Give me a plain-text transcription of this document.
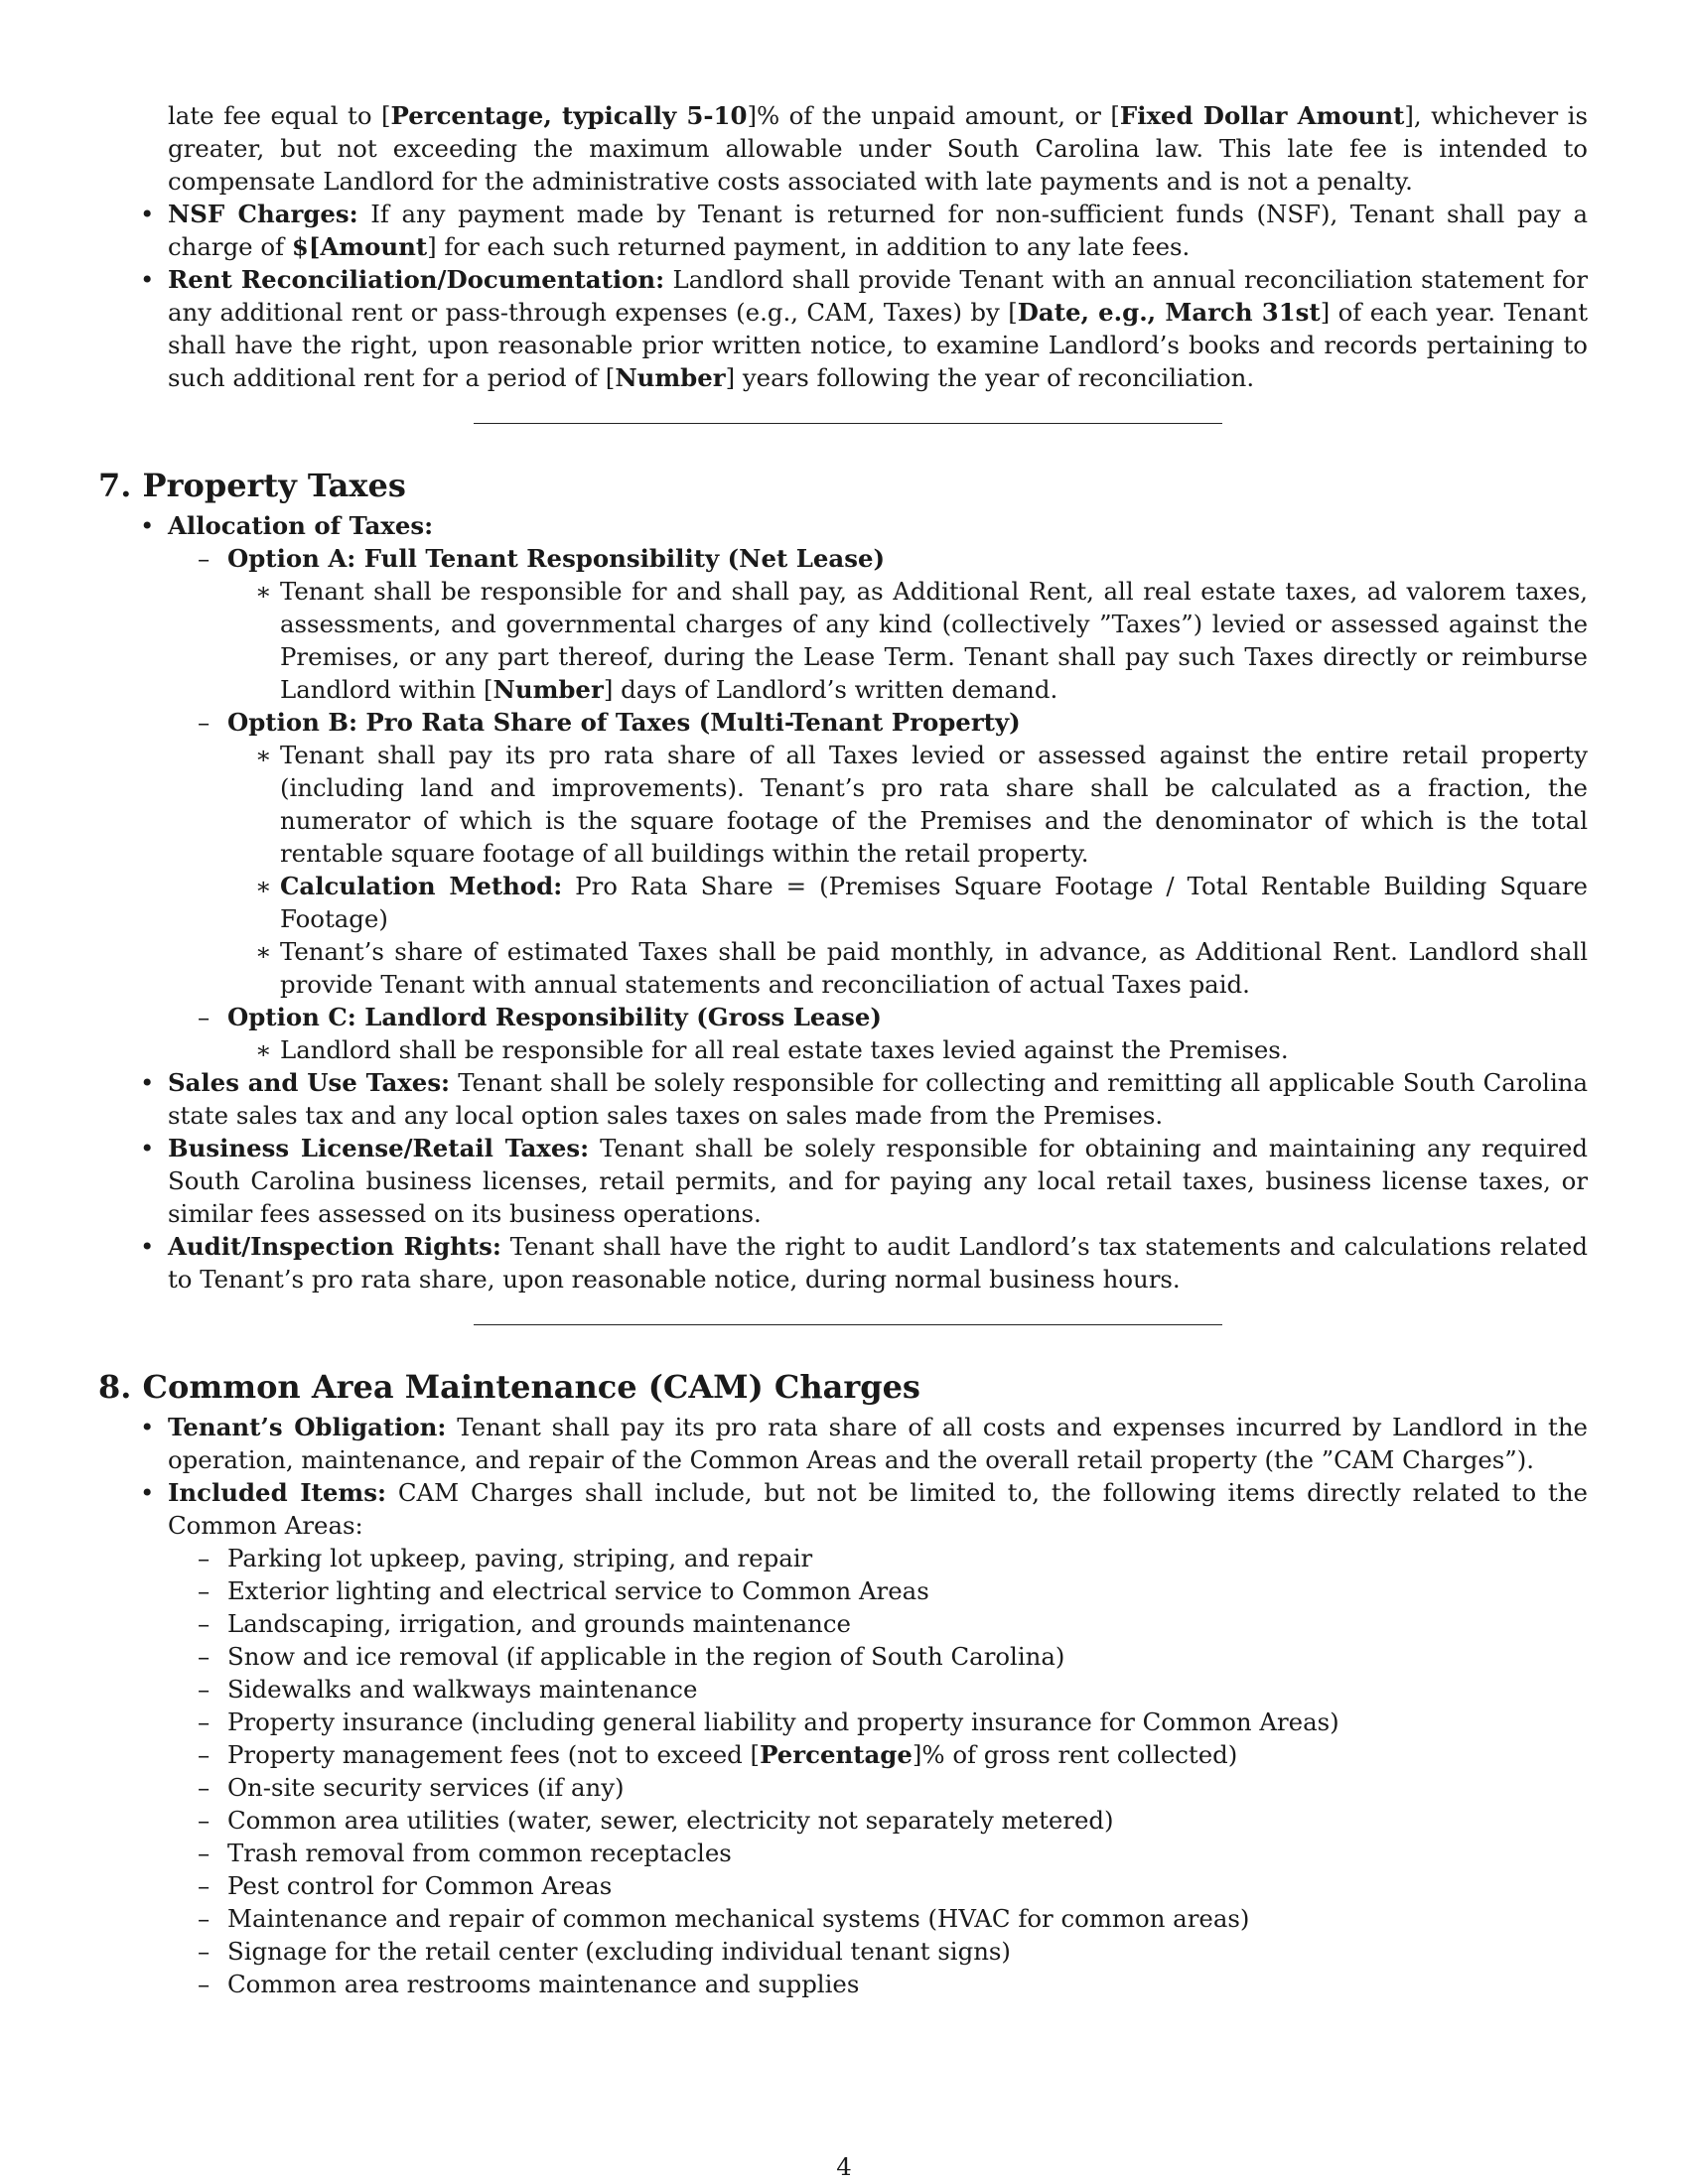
late fee equal to [Percentage, typically 5-10]% of the unpaid amount, or [Fixed Dollar Amount], whichever is greater, but not exceeding the maximum allowable under South Carolina law. This late fee is intended to compensate Landlord for the administrative costs associated with late payments and is not a penalty.

• NSF Charges: If any payment made by Tenant is returned for non-sufficient funds (NSF), Tenant shall pay a charge of $[Amount] for each such returned payment, in addition to any late fees.
• Rent Reconciliation/Documentation: Landlord shall provide Tenant with an annual reconciliation statement for any additional rent or pass-through expenses (e.g., CAM, Taxes) by [Date, e.g., March 31st] of each year. Tenant shall have the right, upon reasonable prior written notice, to examine Landlord’s books and records pertaining to such additional rent for a period of [Number] years following the year of reconciliation.
7. Property Taxes
• Allocation of Taxes:
– Option A: Full Tenant Responsibility (Net Lease)
∗ Tenant shall be responsible for and shall pay, as Additional Rent, all real estate taxes, ad valorem taxes, assessments, and governmental charges of any kind (collectively ”Taxes”) levied or assessed against the Premises, or any part thereof, during the Lease Term. Tenant shall pay such Taxes directly or reimburse Landlord within [Number] days of Landlord’s written demand.
– Option B: Pro Rata Share of Taxes (Multi-Tenant Property)
∗ Tenant shall pay its pro rata share of all Taxes levied or assessed against the entire retail property (including land and improvements). Tenant’s pro rata share shall be calculated as a fraction, the numerator of which is the square footage of the Premises and the denominator of which is the total rentable square footage of all buildings within the retail property.
∗ Calculation Method: Pro Rata Share = (Premises Square Footage / Total Rentable Building Square Footage)
∗ Tenant’s share of estimated Taxes shall be paid monthly, in advance, as Additional Rent. Landlord shall provide Tenant with annual statements and reconciliation of actual Taxes paid.
– Option C: Landlord Responsibility (Gross Lease)
∗ Landlord shall be responsible for all real estate taxes levied against the Premises.
• Sales and Use Taxes: Tenant shall be solely responsible for collecting and remitting all applicable South Carolina state sales tax and any local option sales taxes on sales made from the Premises.
• Business License/Retail Taxes: Tenant shall be solely responsible for obtaining and maintaining any required South Carolina business licenses, retail permits, and for paying any local retail taxes, business license taxes, or similar fees assessed on its business operations.
• Audit/Inspection Rights: Tenant shall have the right to audit Landlord’s tax statements and calculations related to Tenant’s pro rata share, upon reasonable notice, during normal business hours.
8. Common Area Maintenance (CAM) Charges
• Tenant’s Obligation: Tenant shall pay its pro rata share of all costs and expenses incurred by Landlord in the operation, maintenance, and repair of the Common Areas and the overall retail property (the ”CAM Charges”).
• Included Items: CAM Charges shall include, but not be limited to, the following items directly related to the Common Areas:
– Parking lot upkeep, paving, striping, and repair
– Exterior lighting and electrical service to Common Areas
– Landscaping, irrigation, and grounds maintenance
– Snow and ice removal (if applicable in the region of South Carolina)
– Sidewalks and walkways maintenance
– Property insurance (including general liability and property insurance for Common Areas)
– Property management fees (not to exceed [Percentage]% of gross rent collected)
– On-site security services (if any)
– Common area utilities (water, sewer, electricity not separately metered)
– Trash removal from common receptacles
– Pest control for Common Areas
– Maintenance and repair of common mechanical systems (HVAC for common areas)
– Signage for the retail center (excluding individual tenant signs)
– Common area restrooms maintenance and supplies
4
